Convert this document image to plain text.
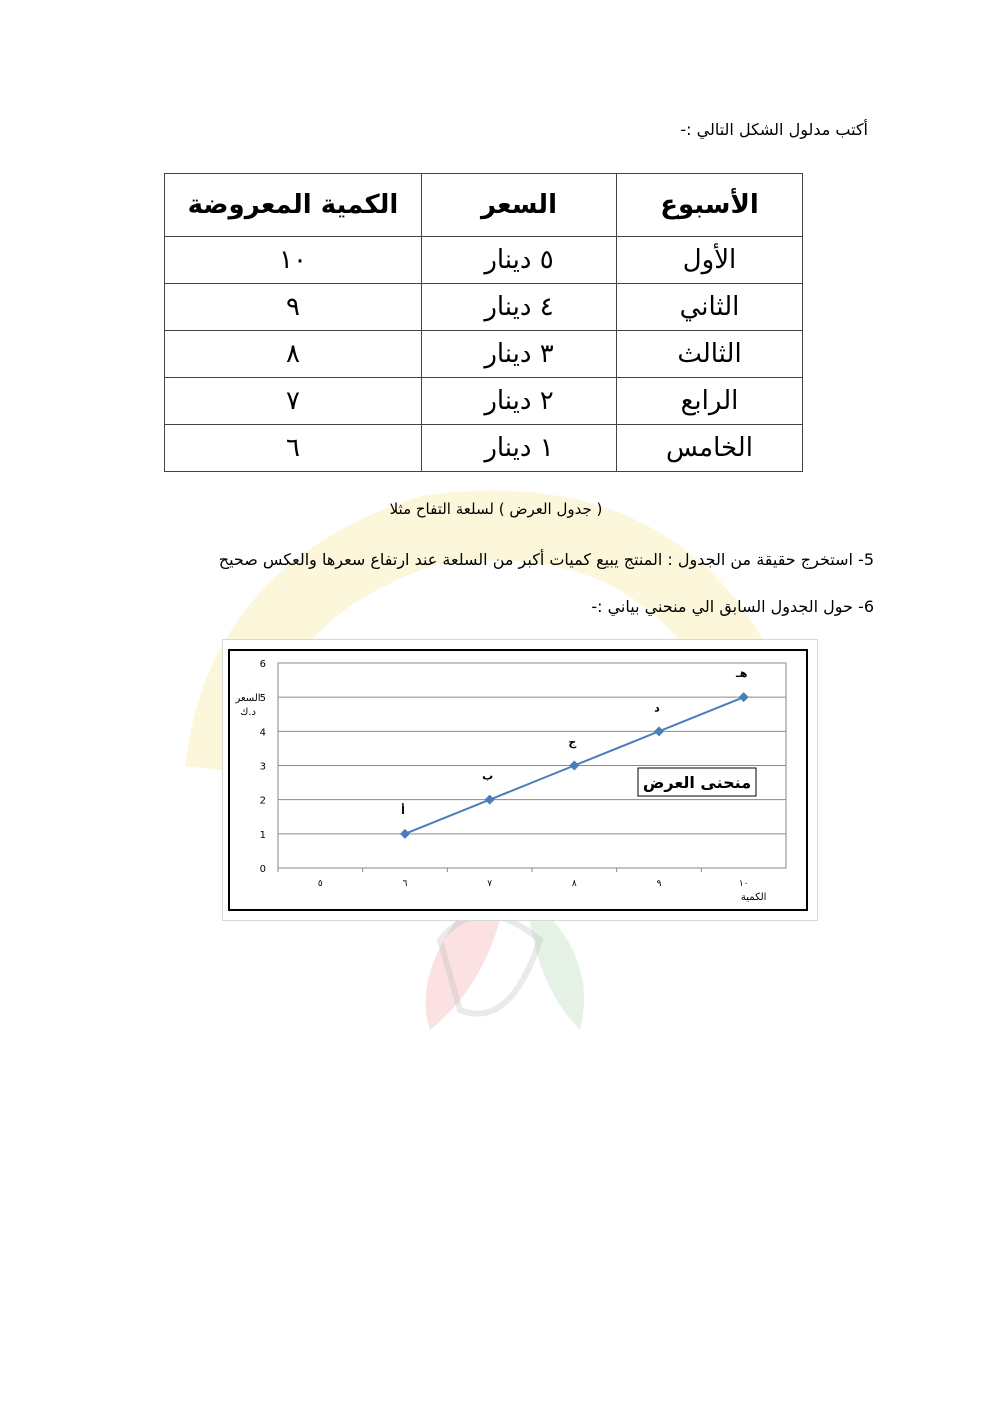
أكتب مدلول الشكل التالي :-
الأسبوع	السعر	الكمية المعروضة
الأول	٥ دينار	١٠
الثاني	٤ دينار	٩
الثالث	٣ دينار	٨
الرابع	٢ دينار	٧
الخامس	١ دينار	٦
( جدول العرض ) لسلعة التفاح مثلا
5- استخرج حقيقة من الجدول : المنتج يبيع كميات أكبر من السلعة عند ارتفاع سعرها والعكس صحيح
6- حول الجدول السابق الي منحني بياني :-
0
1
2
3
4
5
6
٥	٦	٧	٨	٩	١٠
السعر
د.ك
الكمية
أ
ب
ج
د
هـ
منحنى العرض
